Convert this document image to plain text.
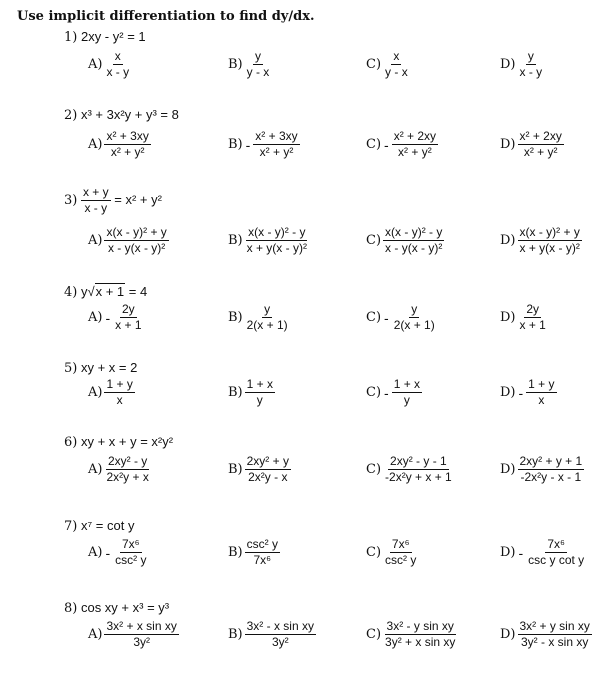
Use implicit differentiation to find dy/dx.
1) 2xy - y² = 1
$A) \frac{x}{x - y}$	$B) \frac{y}{y - x}$	$C) \frac{x}{y - x}$	$D) \frac{y}{x - y}$
2) x³ + 3x²y + y³ = 8
$A) \frac{\text{x² + 3xy}}{\text{x² + y²}}$	$B) - \frac{\text{x² + 3xy}}{\text{x² + y²}}$	$C) - \frac{\text{x² + 2xy}}{\text{x² + y²}}$	$D) \frac{\text{x² + 2xy}}{\text{x² + y²}}$
$3) \frac{x + y}{x - y} = x^2 + y^2$
$A) \frac{\text{x(x - y)² + y}}{\text{x - y(x - y)²}}$	$B) \frac{\text{x(x - y)² - y}}{\text{x + y(x - y)²}}$	$C) \frac{\text{x(x - y)² - y}}{\text{x - y(x - y)²}}$	$D) \frac{\text{x(x - y)² + y}}{\text{x + y(x - y)²}}$
4) y√x + 1 = 4
$A) - \frac{2y}{x + 1}$	$B) \frac{y}{2(x + 1)}$	$C) - \frac{y}{2(x + 1)}$	$D) \frac{2y}{x + 1}$
5) xy + x = 2
$A) \frac{1 + y}{x}$	$B) \frac{1 + x}{y}$	$C) - \frac{1 + x}{y}$	$D) - \frac{1 + y}{x}$
6) xy + x + y = x²y²
$A) \frac{\text{2xy² - y}}{\text{2x²y + x}}$	$B) \frac{\text{2xy² + y}}{\text{2x²y - x}}$	$C) \frac{\text{2xy² - y - 1}}{\text{-2x²y + x + 1}}$	$D) \frac{\text{2xy² + y + 1}}{\text{-2x²y - x - 1}}$
7) x⁷ = cot y
$A) - \frac{\text{7x⁶}}{\text{csc² y}}$	$B) \frac{\text{csc² y}}{\text{7x⁶}}$	$C) \frac{\text{7x⁶}}{\text{csc² y}}$	$D) - \frac{\text{7x⁶}}{\text{csc y cot y}}$
8) cos xy + x³ = y³
$A) \frac{\text{3x² + x sin xy}}{\text{3y²}}$	$B) \frac{\text{3x² - x sin xy}}{\text{3y²}}$	$C) \frac{\text{3x² - y sin xy}}{\text{3y² + x sin xy}}$	$D) \frac{\text{3x² + y sin xy}}{\text{3y² - x sin xy}}$
